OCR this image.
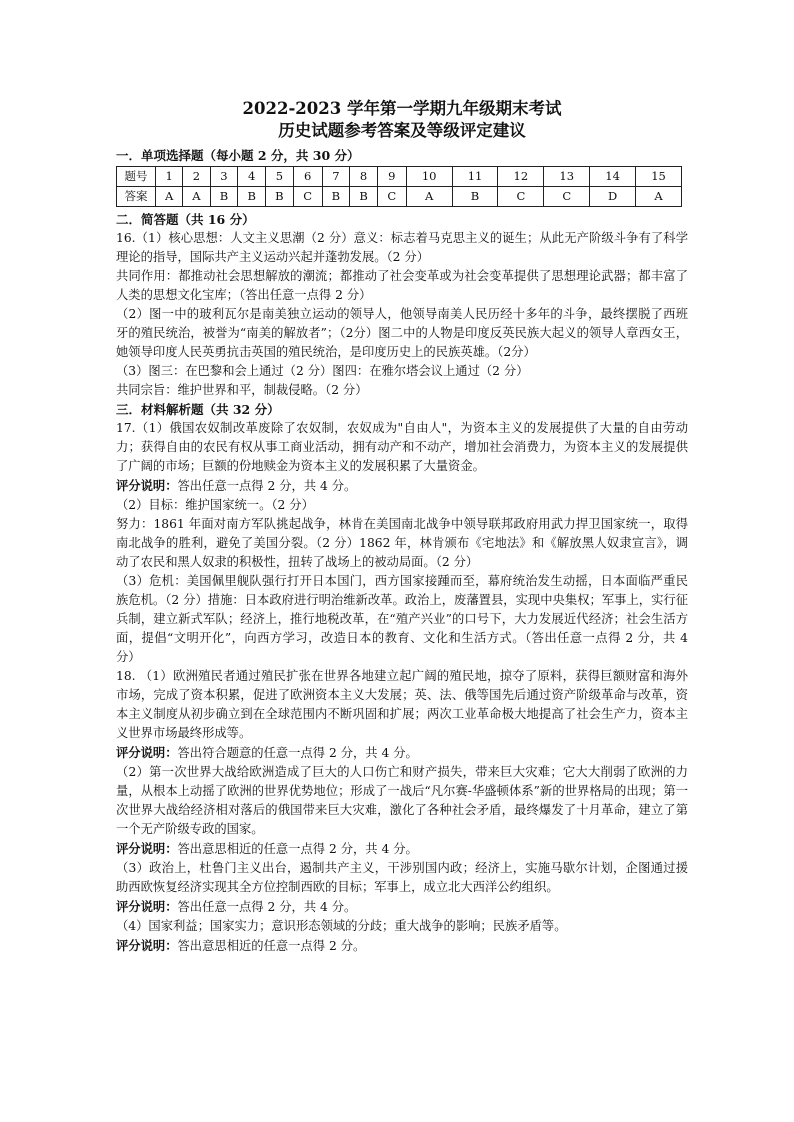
2022-2023 学年第一学期九年级期末考试
历史试题参考答案及等级评定建议
一．单项选择题（每小题 2 分，共 30 分）
题号	1	2	3	4	5	6	7	8	9	10	11	12	13	14	15
答案	A	A	B	B	B	C	B	B	C	A	B	C	C	D	A
二．简答题（共 16 分）

16.（1）核心思想：人文主义思潮（2 分）意义：标志着马克思主义的诞生；从此无产阶级斗争有了科学理论的指导，国际共产主义运动兴起并蓬勃发展。（2 分）

共同作用：都推动社会思想解放的潮流；都推动了社会变革或为社会变革提供了思想理论武器；都丰富了人类的思想文化宝库；（答出任意一点得 2 分）

（2）图一中的玻利瓦尔是南美独立运动的领导人，他领导南美人民历经十多年的斗争，最终摆脱了西班牙的殖民统治，被誉为“南美的解放者”；（2分）图二中的人物是印度反英民族大起义的领导人章西女王，她领导印度人民英勇抗击英国的殖民统治，是印度历史上的民族英雄。（2分）

（3）图三：在巴黎和会上通过（2 分）图四：在雅尔塔会议上通过（2 分）

共同宗旨：维护世界和平，制裁侵略。（2 分）

三．材料解析题（共 32 分）

17.（1）俄国农奴制改革废除了农奴制，农奴成为"自由人"，为资本主义的发展提供了大量的自由劳动力；获得自由的农民有权从事工商业活动，拥有动产和不动产，增加社会消费力，为资本主义的发展提供了广阔的市场；巨额的份地赎金为资本主义的发展积累了大量资金。

评分说明：答出任意一点得 2 分，共 4 分。

（2）目标：维护国家统一。（2 分）

努力：1861 年面对南方军队挑起战争，林肯在美国南北战争中领导联邦政府用武力捍卫国家统一，取得南北战争的胜利，避免了美国分裂。（2 分）1862 年，林肯颁布《宅地法》和《解放黑人奴隶宣言》，调动了农民和黑人奴隶的积极性，扭转了战场上的被动局面。（2 分）

（3）危机：美国佩里舰队强行打开日本国门，西方国家接踵而至，幕府统治发生动摇，日本面临严重民族危机。（2 分）措施：日本政府进行明治维新改革。政治上，废藩置县，实现中央集权；军事上，实行征兵制，建立新式军队；经济上，推行地税改革，在“殖产兴业”的口号下，大力发展近代经济；社会生活方面，提倡“文明开化”，向西方学习，改造日本的教育、文化和生活方式。（答出任意一点得 2 分，共 4 分）

18. （1）欧洲殖民者通过殖民扩张在世界各地建立起广阔的殖民地，掠夺了原料，获得巨额财富和海外市场，完成了资本积累，促进了欧洲资本主义大发展；英、法、俄等国先后通过资产阶级革命与改革，资本主义制度从初步确立到在全球范围内不断巩固和扩展；两次工业革命极大地提高了社会生产力，资本主义世界市场最终形成等。

评分说明：答出符合题意的任意一点得 2 分，共 4 分。

（2）第一次世界大战给欧洲造成了巨大的人口伤亡和财产损失，带来巨大灾难；它大大削弱了欧洲的力量，从根本上动摇了欧洲的世界优势地位；形成了一战后“凡尔赛-华盛顿体系”新的世界格局的出现；第一次世界大战给经济相对落后的俄国带来巨大灾难，激化了各种社会矛盾，最终爆发了十月革命，建立了第一个无产阶级专政的国家。

评分说明：答出意思相近的任意一点得 2 分，共 4 分。

（3）政治上，杜鲁门主义出台，遏制共产主义，干涉别国内政；经济上，实施马歇尔计划，企图通过援助西欧恢复经济实现其全方位控制西欧的目标；军事上，成立北大西洋公约组织。

评分说明：答出任意一点得 2 分，共 4 分。

（4）国家利益；国家实力；意识形态领域的分歧；重大战争的影响；民族矛盾等。

评分说明：答出意思相近的任意一点得 2 分。
